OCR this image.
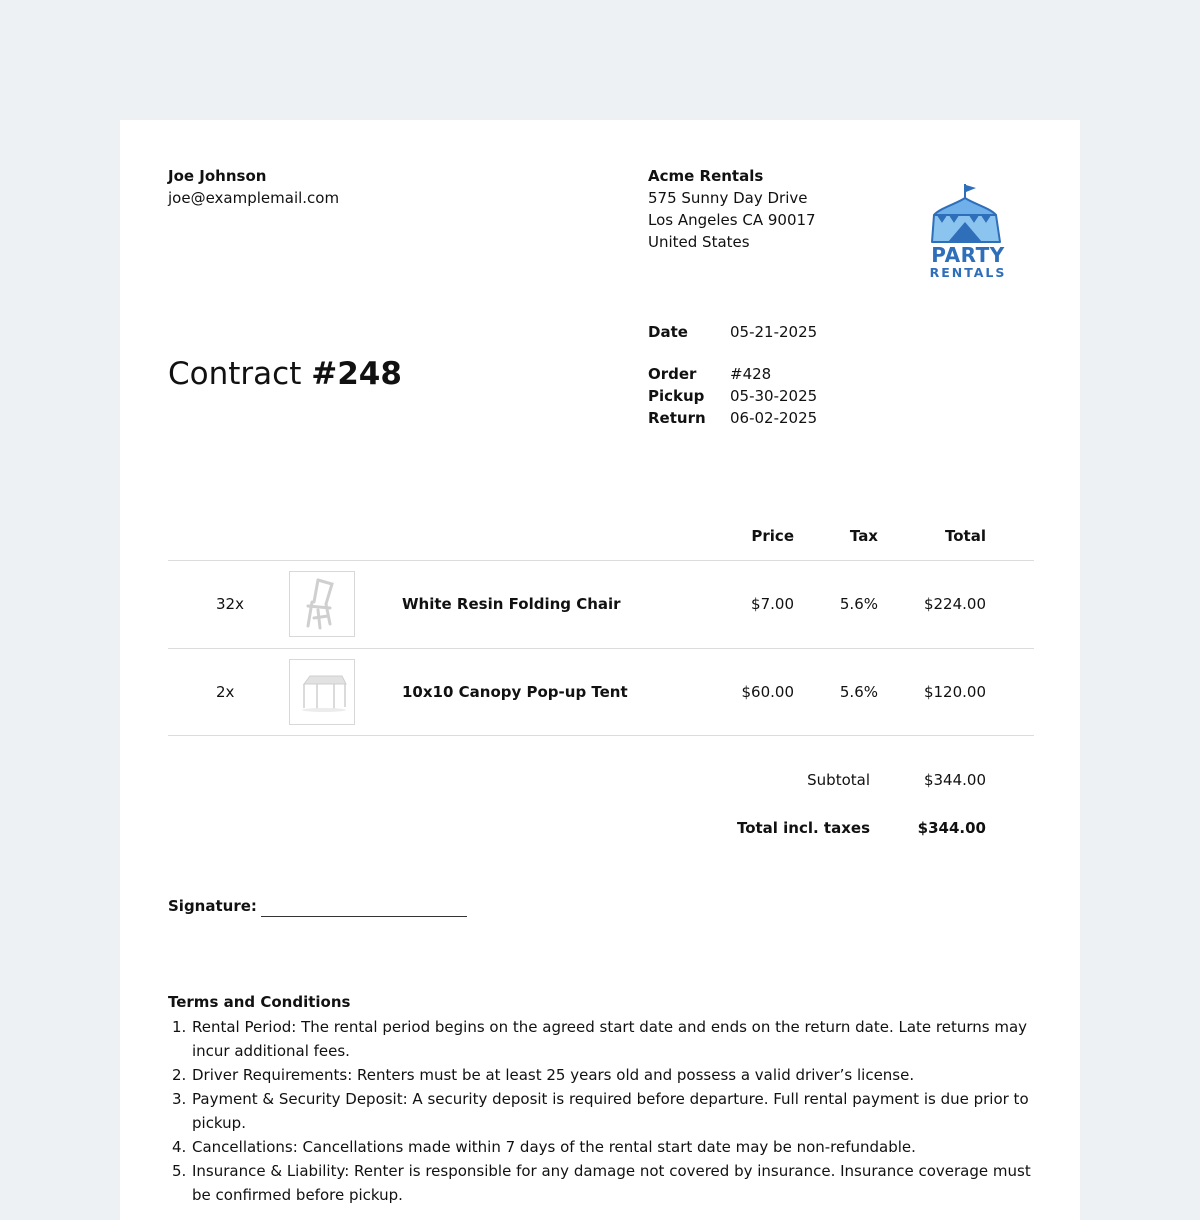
Joe Johnson
joe@examplemail.com
Acme Rentals
575 Sunny Day Drive
Los Angeles CA 90017
United States
PARTY
RENTALS
Contract #248
Date	05-21-2025
Order #428
Pickup 05-30-2025
Return 06-02-2025
Price	Tax	Total
32x	White Resin Folding Chair	$7.00	5.6%	$224.00
2x	10x10 Canopy Pop-up Tent	$60.00	5.6%	$120.00
Subtotal	$344.00
Total incl. taxes	$344.00
Signature:
Terms and Conditions
1. Rental Period: The rental period begins on the agreed start date and ends on the return date. Late returns may incur additional fees.
2. Driver Requirements: Renters must be at least 25 years old and possess a valid driver’s license.
3. Payment & Security Deposit: A security deposit is required before departure. Full rental payment is due prior to pickup.
4. Cancellations: Cancellations made within 7 days of the rental start date may be non-refundable.
5. Insurance & Liability: Renter is responsible for any damage not covered by insurance. Insurance coverage must be confirmed before pickup.
